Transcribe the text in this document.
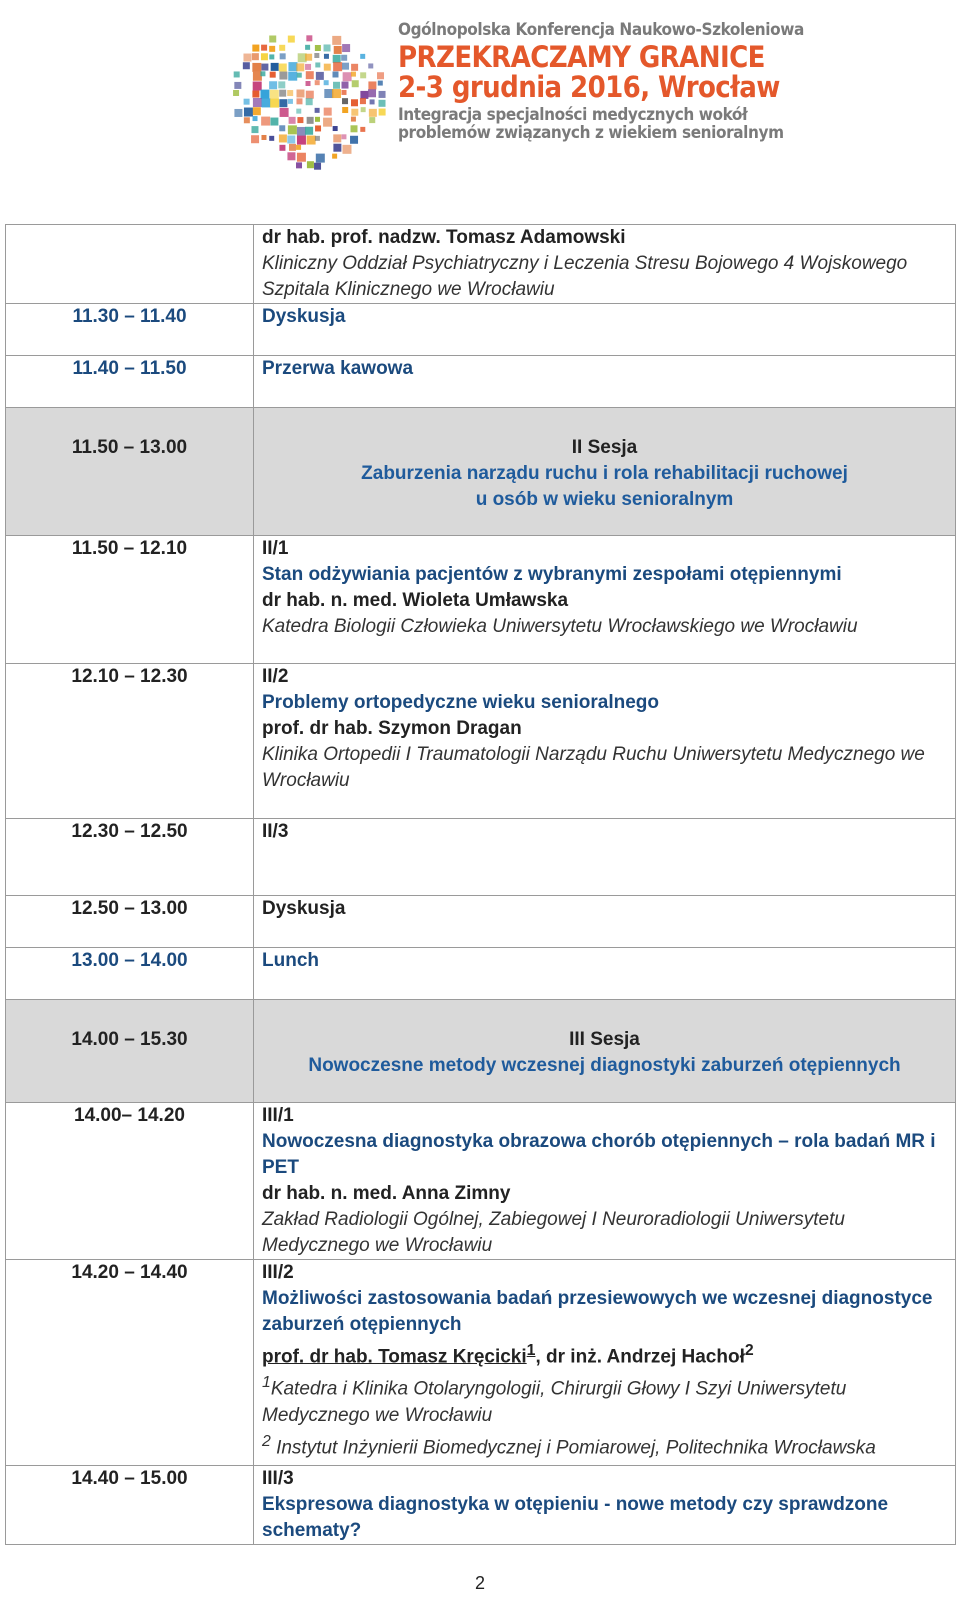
Ogólnopolska Konferencja Naukowo-Szkoleniowa
PRZEKRACZAMY GRANICE
2-3 grudnia 2016, Wrocław
Integracja specjalności medycznych wokół
problemów związanych z wiekiem senioralnym

	dr hab. prof. nadzw. Tomasz Adamowski
Kliniczny Oddział Psychiatryczny i Leczenia Stresu Bojowego 4 Wojskowego Szpitala Klinicznego we Wrocławiu

11.30 – 11.40	Dyskusja
11.40 – 11.50	Przerwa kawowa
11.50 – 13.00	II Sesja
Zaburzenia narządu ruchu i rola rehabilitacji ruchowej
u osób w wieku senioralnym

11.50 – 12.10	II/1
Stan odżywiania pacjentów z wybranymi zespołami otępiennymi
dr hab. n. med. Wioleta Umławska
Katedra Biologii Człowieka Uniwersytetu Wrocławskiego we Wrocławiu

12.10 – 12.30	II/2
Problemy ortopedyczne wieku senioralnego
prof. dr hab. Szymon Dragan
Klinika Ortopedii I Traumatologii Narządu Ruchu Uniwersytetu Medycznego we Wrocławiu

12.30 – 12.50	II/3

12.50 – 13.00	Dyskusja
13.00 – 14.00	Lunch
14.00 – 15.30	III Sesja
Nowoczesne metody wczesnej diagnostyki zaburzeń otępiennych

14.00– 14.20	III/1
Nowoczesna diagnostyka obrazowa chorób otępiennych – rola badań MR i PET
dr hab. n. med. Anna Zimny
Zakład Radiologii Ogólnej, Zabiegowej I Neuroradiologii Uniwersytetu Medycznego we Wrocławiu

14.20 – 14.40	III/2
Możliwości zastosowania badań przesiewowych we wczesnej diagnostyce zaburzeń otępiennych
prof. dr hab. Tomasz Kręcicki$^1$, dr inż. Andrzej Hachoł$^2$
$^1$Katedra i Klinika Otolaryngologii, Chirurgii Głowy I Szyi Uniwersytetu Medycznego we Wrocławiu
$^2$ Instytut Inżynierii Biomedycznej i Pomiarowej, Politechnika Wrocławska

14.40 – 15.00	III/3
Ekspresowa diagnostyka w otępieniu - nowe metody czy sprawdzone schematy?
2
